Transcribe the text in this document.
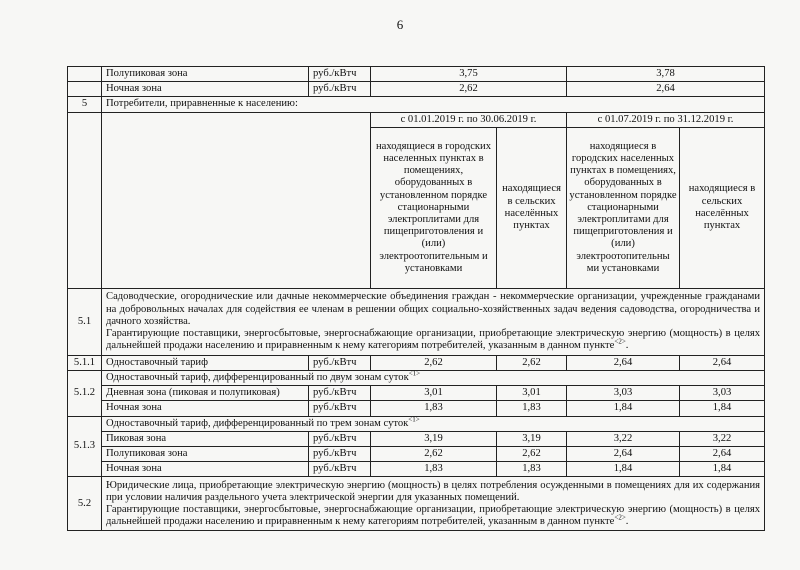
6
	Полупиковая зона	руб./кВтч	3,75		3,78	
	Ночная зона	руб./кВтч	2,62		2,64	
5	Потребители, приравненные к населению:					
			с 01.01.2019 г. по 30.06.2019 г.		с 01.07.2019 г. по 31.12.2019 г.	
			находящиеся в городских населенных пунктах в помещениях, оборудованных в установленном порядке стационарными электроплитами для пищеприготовления и (или) электроотопительным и установками	находящиеся в сельских населённых пунктах	находящиеся в городских населенных пунктах в помещениях, оборудованных в установленном порядке стационарными электроплитами для пищеприготовления и (или) электроотопительны ми установками	находящиеся в сельских населённых пунктах
5.1	Садоводческие, огороднические или дачные некоммерческие объединения граждан - некоммерческие организации, учрежденные гражданами на добровольных началах для содействия ее членам в решении общих социально-хозяйственных задач ведения садоводства, огородничества и дачного хозяйства.
Гарантирующие поставщики, энергосбытовые, энергоснабжающие организации, приобретающие электрическую энергию (мощность) в целях дальнейшей продажи населению и приравненным к нему категориям потребителей, указанным в данном пункте$^{<2>}$.					

5.1.1	Одноставочный тариф	руб./кВтч	2,62	2,62	2,64	2,64
5.1.2	Одноставочный тариф, дифференцированный по двум зонам суток$^{<1>}$
	Дневная зона (пиковая и полупиковая)	руб./кВтч	3,01	3,01	3,03	3,03
	Ночная зона	руб./кВтч	1,83	1,83	1,84	1,84
5.1.3	Одноставочный тариф, дифференцированный по трем зонам суток$^{<1>}$
	Пиковая зона	руб./кВтч	3,19	3,19	3,22	3,22
	Полупиковая зона	руб./кВтч	2,62	2,62	2,64	2,64
	Ночная зона	руб./кВтч	1,83	1,83	1,84	1,84
5.2	Юридические лица, приобретающие электрическую энергию (мощность) в целях потребления осужденными в помещениях для их содержания при условии наличия раздельного учета электрической энергии для указанных помещений.
Гарантирующие поставщики, энергосбытовые, энергоснабжающие организации, приобретающие электрическую энергию (мощность) в целях дальнейшей продажи населению и приравненным к нему категориям потребителей, указанным в данном пункте$^{<2>}$.					
